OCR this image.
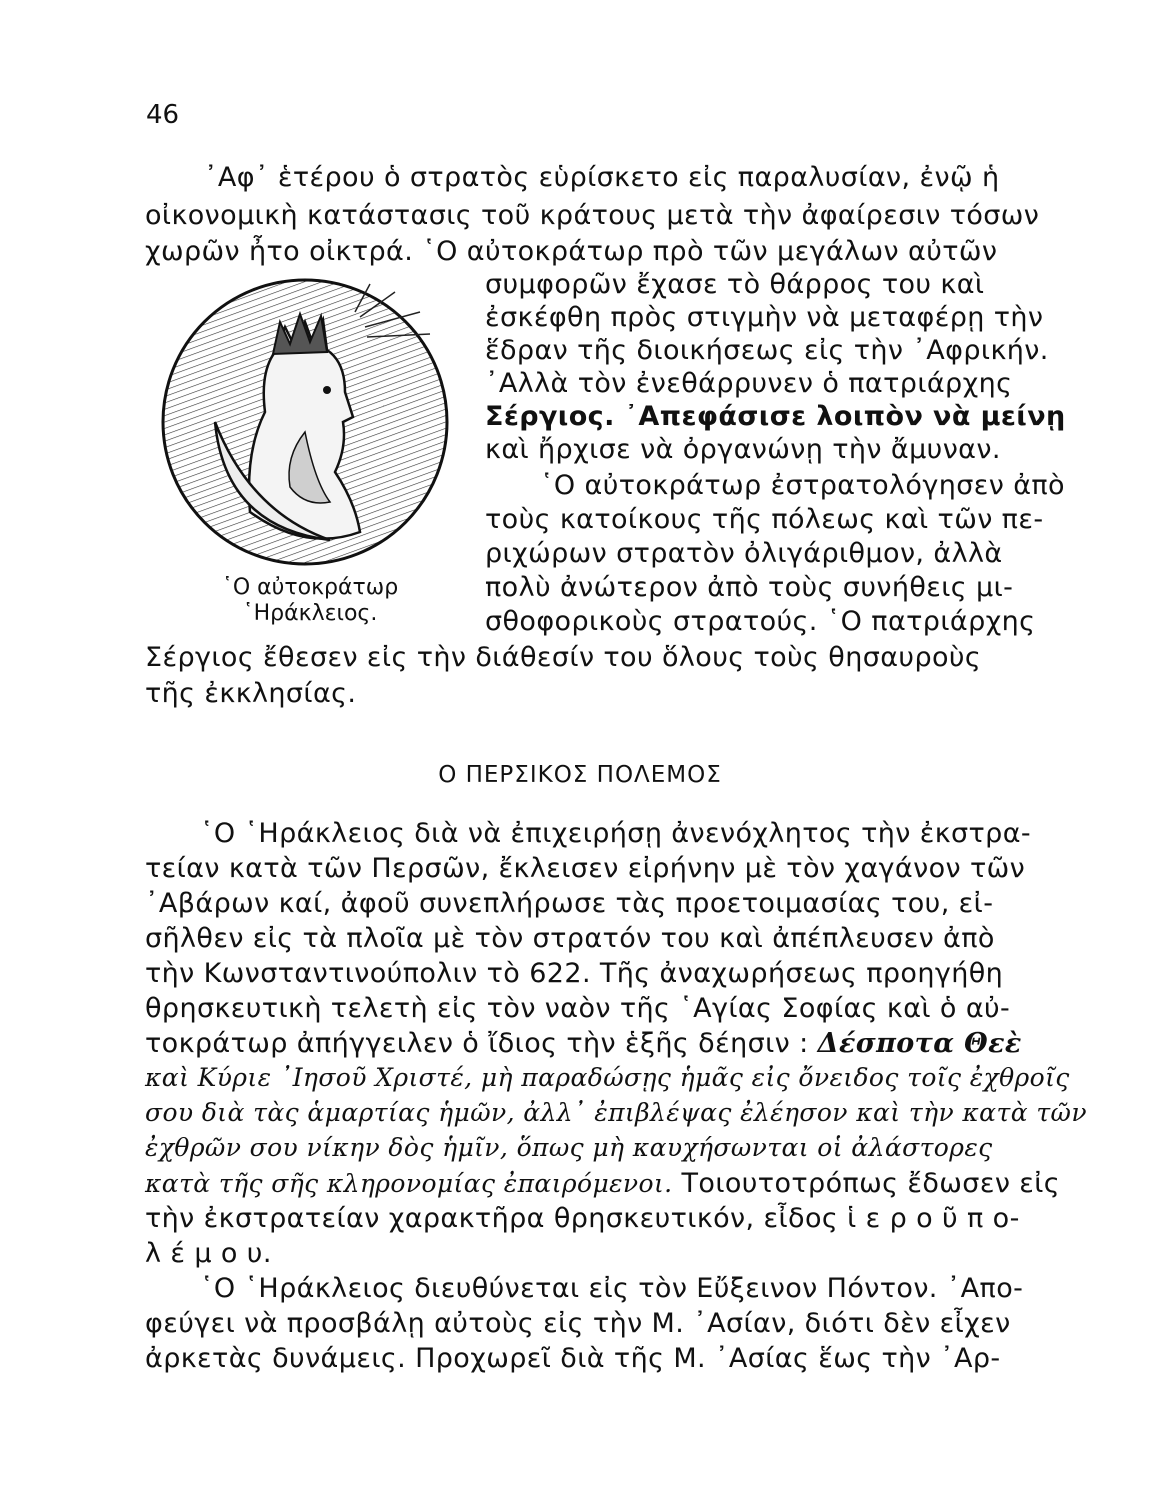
46
᾽Αφ᾽ ἑτέρου ὁ στρατὸς εὑρίσκετο εἰς παραλυσίαν, ἐνῷ ἡ
οἰκονομικὴ κατάστασις τοῦ κράτους μετὰ τὴν ἀφαίρεσιν τόσων
χωρῶν ἦτο οἰκτρά. ῾Ο αὐτοκράτωρ πρὸ τῶν μεγάλων αὐτῶν
συμφορῶν ἔχασε τὸ θάρρος του καὶ
ἐσκέφθη πρὸς στιγμὴν νὰ μεταφέρῃ τὴν
ἕδραν τῆς διοικήσεως εἰς τὴν ᾽Αφρικήν.
᾽Αλλὰ τὸν ἐνεθάρρυνεν ὁ πατριάρχης
Σέργιος. ᾽Απεφάσισε λοιπὸν νὰ μείνῃ
καὶ ἤρχισε νὰ ὀργανώνῃ τὴν ἄμυναν.
῾Ο αὐτοκράτωρ ἐστρατολόγησεν ἀπὸ
τοὺς κατοίκους τῆς πόλεως καὶ τῶν πε-
ριχώρων στρατὸν ὀλιγάριθμον, ἀλλὰ
πολὺ ἀνώτερον ἀπὸ τοὺς συνήθεις μι-
σθοφορικοὺς στρατούς. ῾Ο πατριάρχης
Σέργιος ἔθεσεν εἰς τὴν διάθεσίν του ὅλους τοὺς θησαυροὺς
τῆς ἐκκλησίας.
῾Ο αὐτοκράτωρ
῾Ηράκλειος.
Ο ΠΕΡΣΙΚΟΣ ΠΟΛΕΜΟΣ
῾Ο ῾Ηράκλειος διὰ νὰ ἐπιχειρήσῃ ἀνενόχλητος τὴν ἐκστρα-
τείαν κατὰ τῶν Περσῶν, ἔκλεισεν εἰρήνην μὲ τὸν χαγάνον τῶν
᾽Αβάρων καί, ἀφοῦ συνεπλήρωσε τὰς προετοιμασίας του, εἰ-
σῆλθεν εἰς τὰ πλοῖα μὲ τὸν στρατόν του καὶ ἀπέπλευσεν ἀπὸ
τὴν Κωνσταντινούπολιν τὸ 622. Τῆς ἀναχωρήσεως προηγήθη
θρησκευτικὴ τελετὴ εἰς τὸν ναὸν τῆς ῾Αγίας Σοφίας καὶ ὁ αὐ-
τοκράτωρ ἀπήγγειλεν ὁ ἴδιος τὴν ἑξῆς δέησιν : Δέσποτα Θεὲ
καὶ Κύριε ᾽Ιησοῦ Χριστέ, μὴ παραδώσῃς ἡμᾶς εἰς ὄνειδος τοῖς ἐχθροῖς
σου διὰ τὰς ἁμαρτίας ἡμῶν, ἀλλ᾽ ἐπιβλέψας ἐλέησον καὶ τὴν κατὰ τῶν
ἐχθρῶν σου νίκην δὸς ἡμῖν, ὅπως μὴ καυχήσωνται οἱ ἀλάστορες
κατὰ τῆς σῆς κληρονομίας ἐπαιρόμενοι. Τοιουτοτρόπως ἔδωσεν εἰς
τὴν ἐκστρατείαν χαρακτῆρα θρησκευτικόν, εἶδος ἱ ε ρ ο ῦ π ο-
λ έ μ ο υ.
῾Ο ῾Ηράκλειος διευθύνεται εἰς τὸν Εὔξεινον Πόντον. ᾽Απο-
φεύγει νὰ προσβάλῃ αὐτοὺς εἰς τὴν Μ. ᾽Ασίαν, διότι δὲν εἶχεν
ἀρκετὰς δυνάμεις. Προχωρεῖ διὰ τῆς Μ. ᾽Ασίας ἕως τὴν ᾽Αρ-
